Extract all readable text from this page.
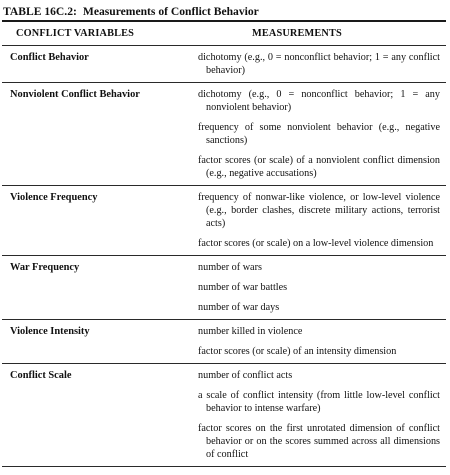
TABLE 16C.2: Measurements of Conflict Behavior
CONFLICT VARIABLES	MEASUREMENTS
Conflict Behavior	dichotomy (e.g., 0 = nonconflict behavior; 1 = any conflict behavior)
Nonviolent Conflict Behavior	dichotomy (e.g., 0 = nonconflict behavior; 1 = any nonviolent behavior)
frequency of some nonviolent behavior (e.g., negative sanctions)
factor scores (or scale) of a nonviolent conflict dimension (e.g., negative accusations)
Violence Frequency	frequency of nonwar-like violence, or low-level violence (e.g., border clashes, discrete military actions, terrorist acts)
factor scores (or scale) on a low-level violence dimension
War Frequency	number of wars
number of war battles
number of war days
Violence Intensity	number killed in violence
factor scores (or scale) of an intensity dimension
Conflict Scale	number of conflict acts
a scale of conflict intensity (from little low-level conflict behavior to intense warfare)
factor scores on the first unrotated dimension of conflict behavior or on the scores summed across all dimensions of conflict
